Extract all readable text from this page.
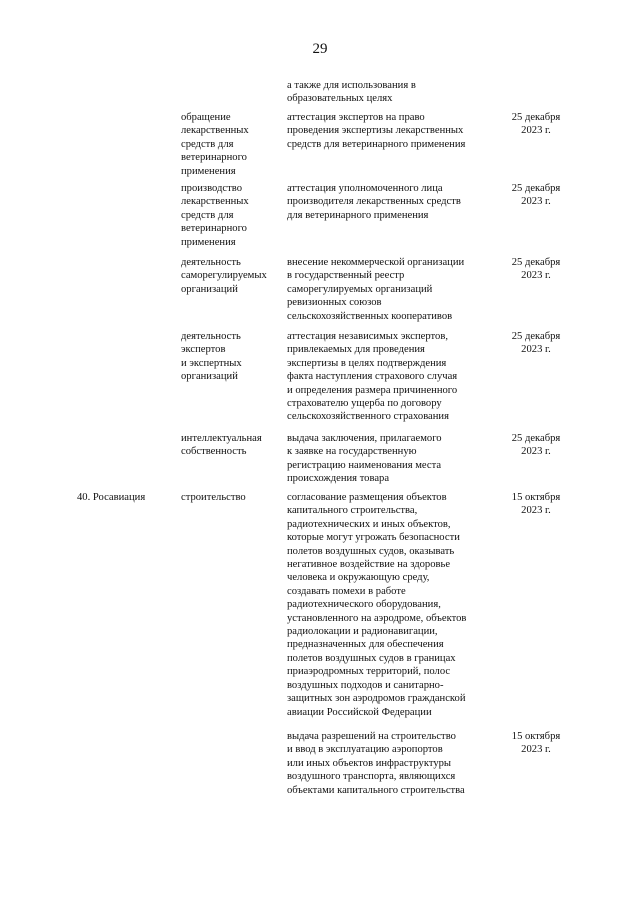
29
а также для использования в
образовательных целях
обращение
лекарственных
средств для
ветеринарного
применения
аттестация экспертов на право
проведения экспертизы лекарственных
средств для ветеринарного применения
25 декабря
2023 г.
производство
лекарственных
средств для
ветеринарного
применения
аттестация уполномоченного лица
производителя лекарственных средств
для ветеринарного применения
25 декабря
2023 г.
деятельность
саморегулируемых
организаций
внесение некоммерческой организации
в государственный реестр
саморегулируемых организаций
ревизионных союзов
сельскохозяйственных кооперативов
25 декабря
2023 г.
деятельность
экспертов
и экспертных
организаций
аттестация независимых экспертов,
привлекаемых для проведения
экспертизы в целях подтверждения
факта наступления страхового случая
и определения размера причиненного
страхователю ущерба по договору
сельскохозяйственного страхования
25 декабря
2023 г.
интеллектуальная
собственность
выдача заключения, прилагаемого
к заявке на государственную
регистрацию наименования места
происхождения товара
25 декабря
2023 г.
40. Росавиация	строительство	согласование размещения объектов
капитального строительства,
радиотехнических и иных объектов,
которые могут угрожать безопасности
полетов воздушных судов, оказывать
негативное воздействие на здоровье
человека и окружающую среду,
создавать помехи в работе
радиотехнического оборудования,
установленного на аэродроме, объектов
радиолокации и радионавигации,
предназначенных для обеспечения
полетов воздушных судов в границах
приаэродромных территорий, полос
воздушных подходов и санитарно-
защитных зон аэродромов гражданской
авиации Российской Федерации
15 октября
2023 г.
выдача разрешений на строительство
и ввод в эксплуатацию аэропортов
или иных объектов инфраструктуры
воздушного транспорта, являющихся
объектами капитального строительства
15 октября
2023 г.
